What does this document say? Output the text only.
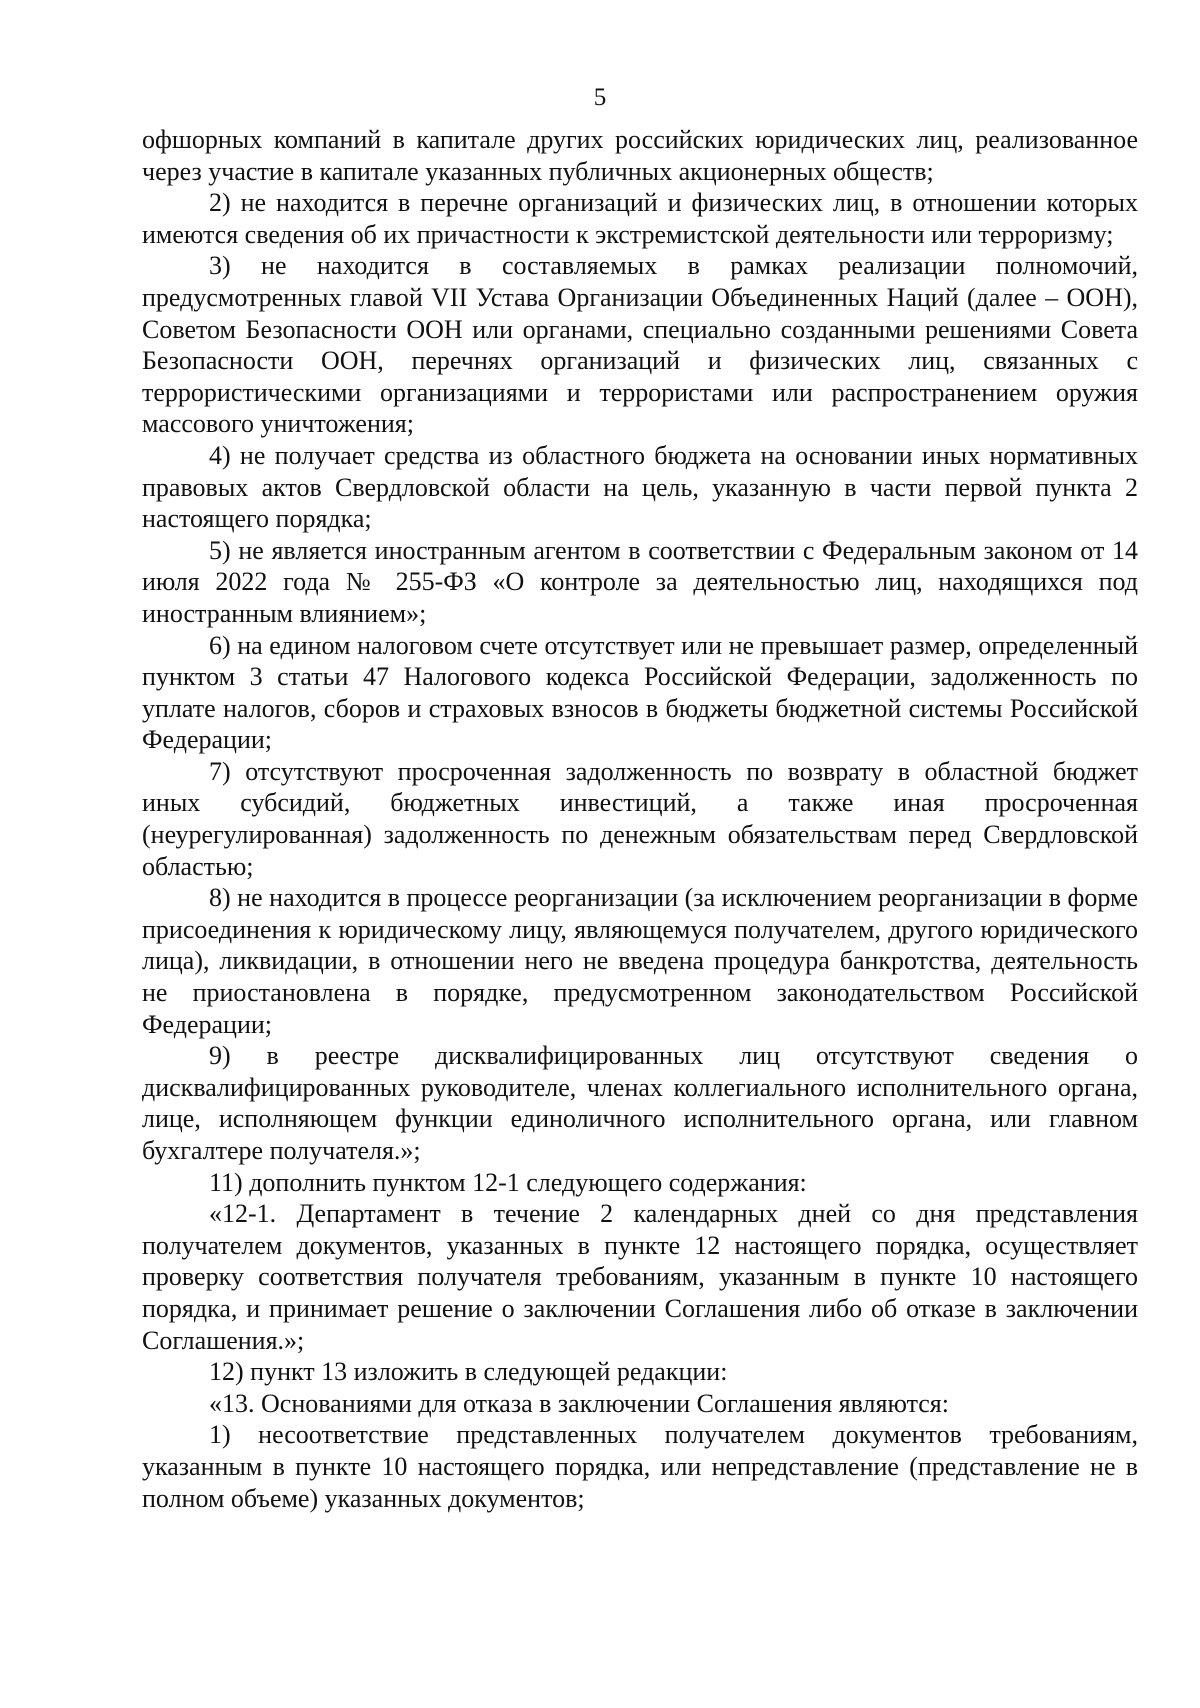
5

офшорных компаний в капитале других российских юридических лиц, реализованное через участие в капитале указанных публичных акционерных обществ;

2) не находится в перечне организаций и физических лиц, в отношении которых имеются сведения об их причастности к экстремистской деятельности или терроризму;

3) не находится в составляемых в рамках реализации полномочий, предусмотренных главой VII Устава Организации Объединенных Наций (далее – ООН), Советом Безопасности ООН или органами, специально созданными решениями Совета Безопасности ООН, перечнях организаций и физических лиц, связанных с террористическими организациями и террористами или распространением оружия массового уничтожения;

4) не получает средства из областного бюджета на основании иных нормативных правовых актов Свердловской области на цель, указанную в части первой пункта 2 настоящего порядка;

5) не является иностранным агентом в соответствии с Федеральным законом от 14 июля 2022 года № 255-ФЗ «О контроле за деятельностью лиц, находящихся под иностранным влиянием»;

6) на едином налоговом счете отсутствует или не превышает размер, определенный пунктом 3 статьи 47 Налогового кодекса Российской Федерации, задолженность по уплате налогов, сборов и страховых взносов в бюджеты бюджетной системы Российской Федерации;

7) отсутствуют просроченная задолженность по возврату в областной бюджет иных субсидий, бюджетных инвестиций, а также иная просроченная (неурегулированная) задолженность по денежным обязательствам перед Свердловской областью;

8) не находится в процессе реорганизации (за исключением реорганизации в форме присоединения к юридическому лицу, являющемуся получателем, другого юридического лица), ликвидации, в отношении него не введена процедура банкротства, деятельность не приостановлена в порядке, предусмотренном законодательством Российской Федерации;

9) в реестре дисквалифицированных лиц отсутствуют сведения о дисквалифицированных руководителе, членах коллегиального исполнительного органа, лице, исполняющем функции единоличного исполнительного органа, или главном бухгалтере получателя.»;

11) дополнить пунктом 12-1 следующего содержания:

«12-1. Департамент в течение 2 календарных дней со дня представления получателем документов, указанных в пункте 12 настоящего порядка, осуществляет проверку соответствия получателя требованиям, указанным в пункте 10 настоящего порядка, и принимает решение о заключении Соглашения либо об отказе в заключении Соглашения.»;

12) пункт 13 изложить в следующей редакции:

«13. Основаниями для отказа в заключении Соглашения являются:

1) несоответствие представленных получателем документов требованиям, указанным в пункте 10 настоящего порядка, или непредставление (представление не в полном объеме) указанных документов;
